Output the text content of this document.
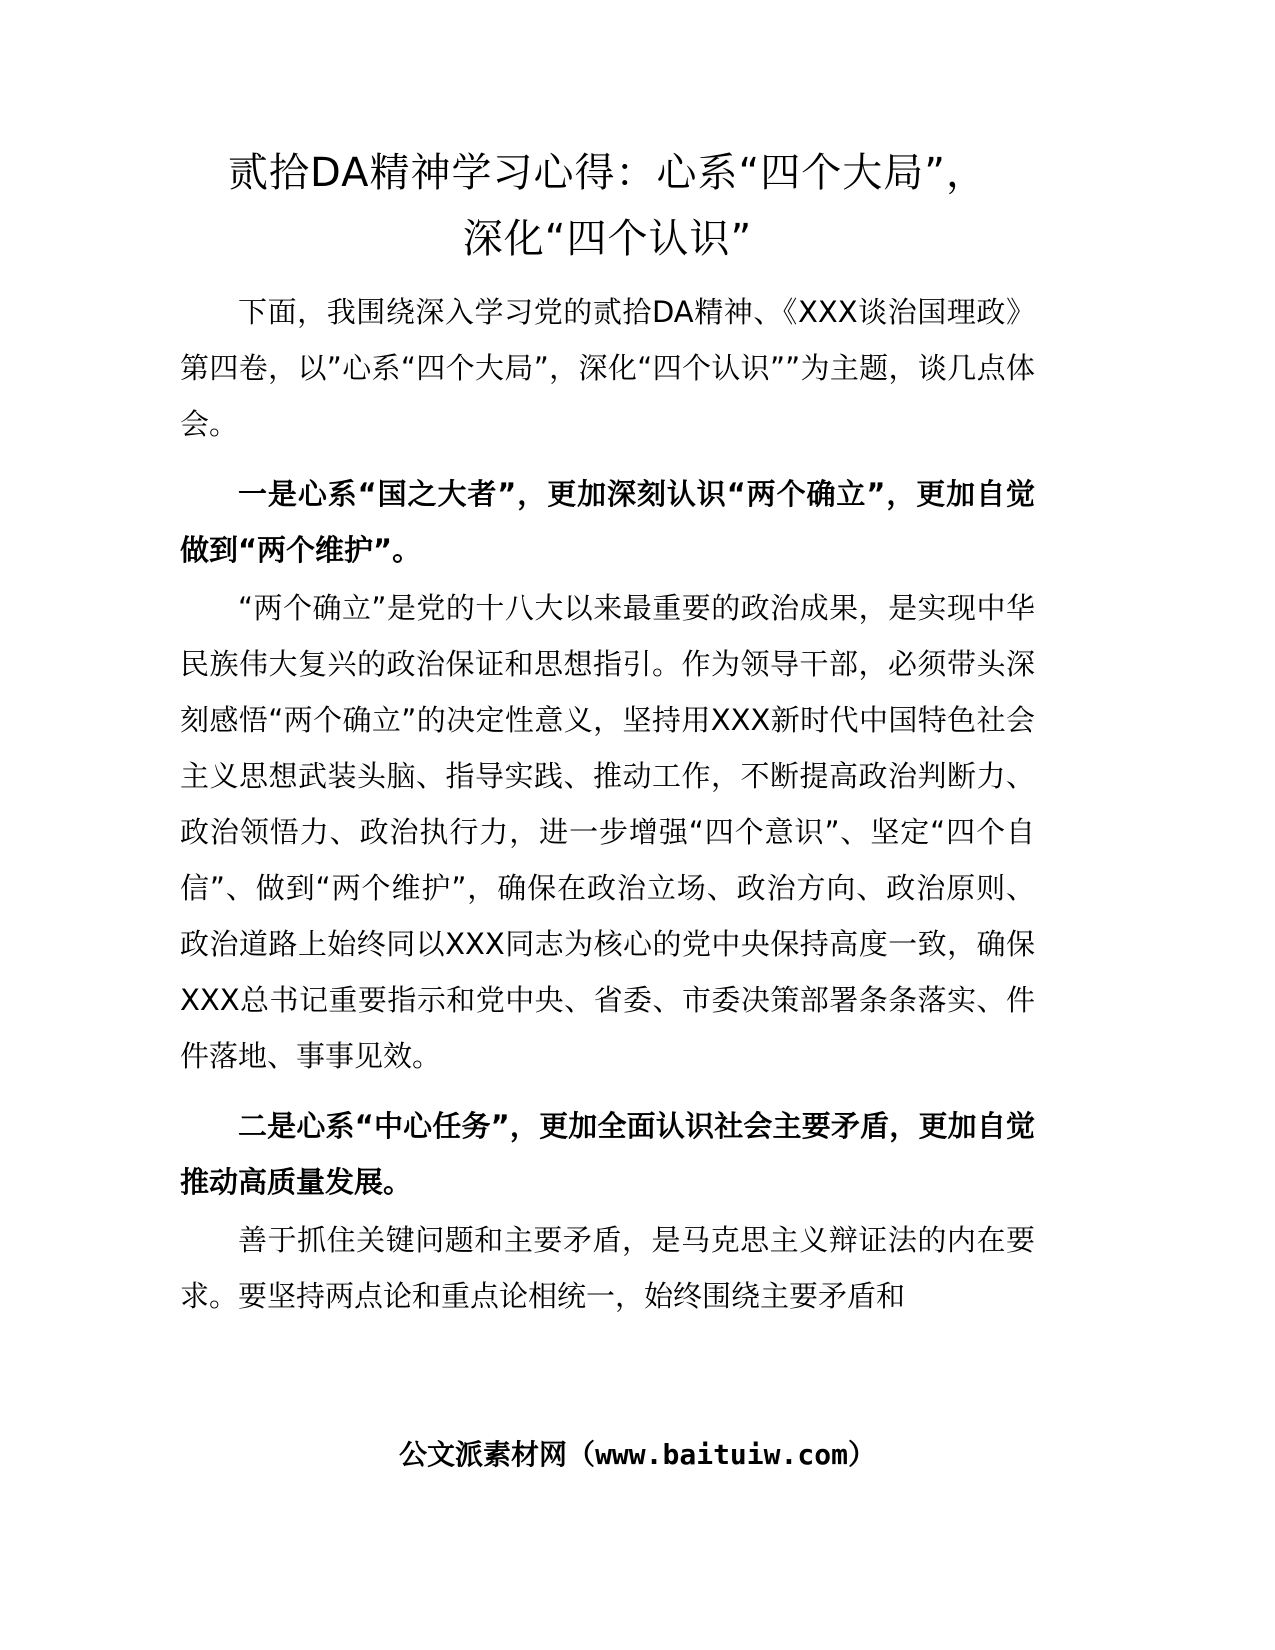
贰拾DA精神学习心得：心系“四个大局”，
深化“四个认识”

下面，我围绕深入学习党的贰拾DA精神、《XXX谈治国理政》第四卷，以”心系“四个大局”，深化“四个认识””为主题，谈几点体会。

一是心系“国之大者”，更加深刻认识“两个确立”，更加自觉做到“两个维护”。

“两个确立”是党的十八大以来最重要的政治成果，是实现中华民族伟大复兴的政治保证和思想指引。作为领导干部，必须带头深刻感悟“两个确立”的决定性意义，坚持用XXX新时代中国特色社会主义思想武装头脑、指导实践、推动工作，不断提高政治判断力、政治领悟力、政治执行力，进一步增强“四个意识”、坚定“四个自信”、做到“两个维护”，确保在政治立场、政治方向、政治原则、政治道路上始终同以XXX同志为核心的党中央保持高度一致，确保XXX总书记重要指示和党中央、省委、市委决策部署条条落实、件件落地、事事见效。

二是心系“中心任务”，更加全面认识社会主要矛盾，更加自觉推动高质量发展。

善于抓住关键问题和主要矛盾，是马克思主义辩证法的内在要求。要坚持两点论和重点论相统一，始终围绕主要矛盾和

公文派素材网（www.baituiw.com）
